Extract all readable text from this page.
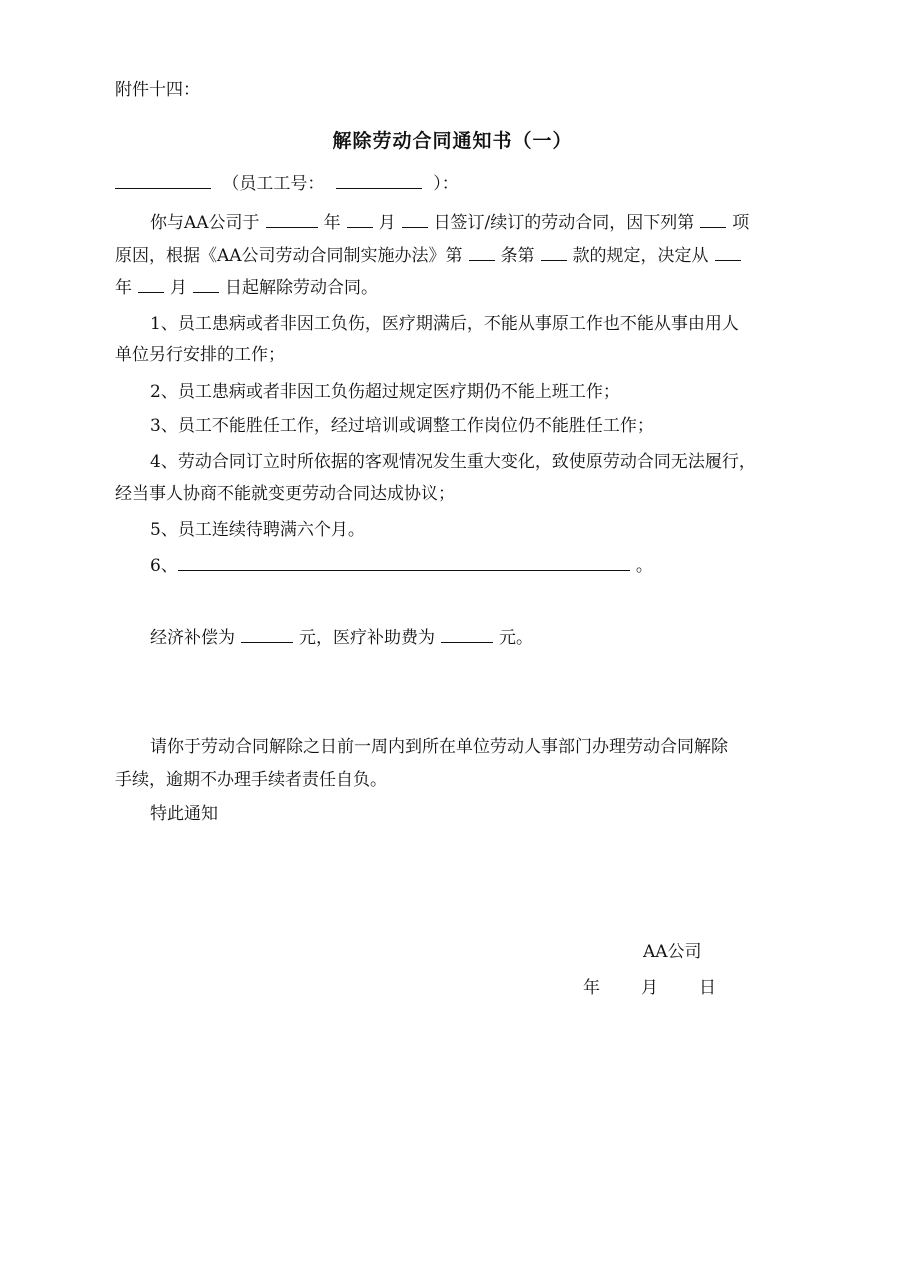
附件十四：
解除劳动合同通知书（一）
（员工工号：	）：
你与AA公司于	年 月 日签订/续订的劳动合同，因下列第 项
原因，根据《AA公司劳动合同制实施办法》第 条第 款的规定，决定从
年 月 日起解除劳动合同。
1、员工患病或者非因工负伤，医疗期满后，不能从事原工作也不能从事由用人
单位另行安排的工作；
2、员工患病或者非因工负伤超过规定医疗期仍不能上班工作；
3、员工不能胜任工作，经过培训或调整工作岗位仍不能胜任工作；
4、劳动合同订立时所依据的客观情况发生重大变化，致使原劳动合同无法履行，
经当事人协商不能就变更劳动合同达成协议；
5、员工连续待聘满六个月。
6、	。
经济补偿为	元，医疗补助费为	元。
请你于劳动合同解除之日前一周内到所在单位劳动人事部门办理劳动合同解除
手续，逾期不办理手续者责任自负。
特此通知
AA公司
年 月 日
